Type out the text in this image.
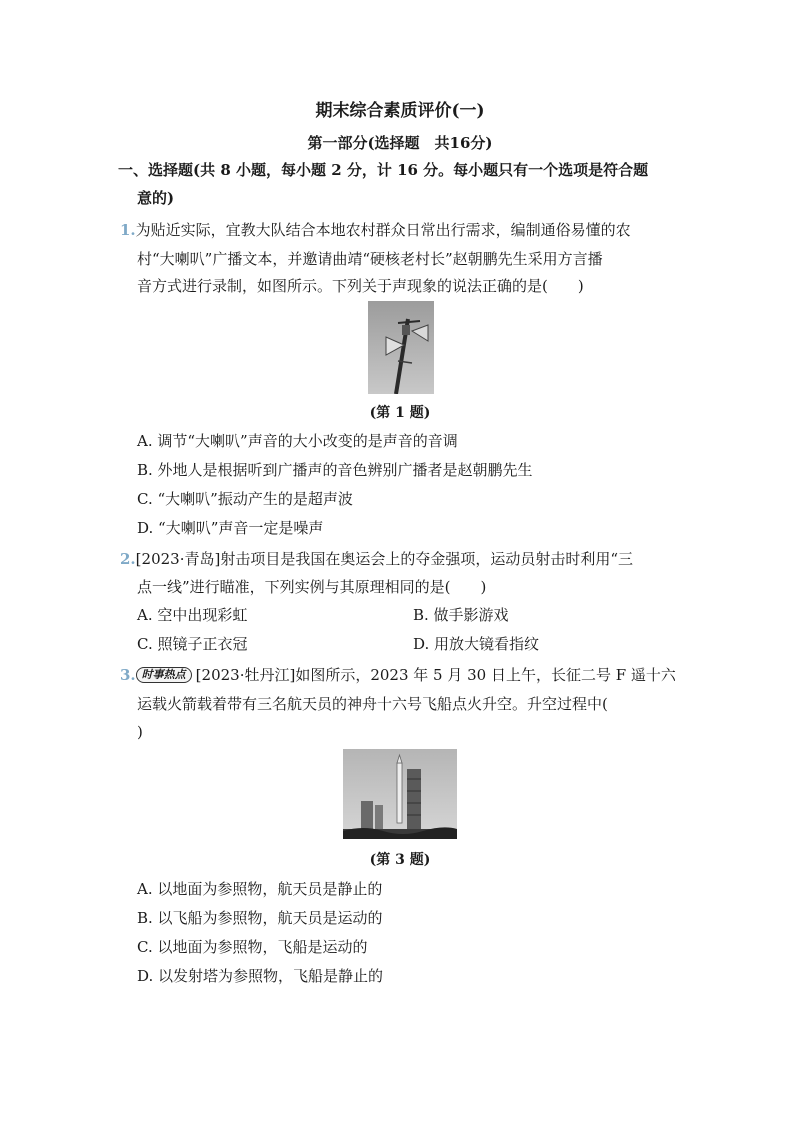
期末综合素质评价(一)
第一部分(选择题　共16分)
一、选择题(共 8 小题，每小题 2 分，计 16 分。每小题只有一个选项是符合题
意的)
1.为贴近实际，宜教大队结合本地农村群众日常出行需求，编制通俗易懂的农
村“大喇叭”广播文本，并邀请曲靖“硬核老村长”赵朝鹏先生采用方言播
音方式进行录制，如图所示。下列关于声现象的说法正确的是(　　)
(第 1 题)
A. 调节“大喇叭”声音的大小改变的是声音的音调
B. 外地人是根据听到广播声的音色辨别广播者是赵朝鹏先生
C. “大喇叭”振动产生的是超声波
D. “大喇叭”声音一定是噪声
2.[2023·青岛]射击项目是我国在奥运会上的夺金强项，运动员射击时利用“三
点一线”进行瞄准，下列实例与其原理相同的是(　　)
A. 空中出现彩虹	B. 做手影游戏
C. 照镜子正衣冠	D. 用放大镜看指纹
3. 时事热点 [2023·牡丹江]如图所示，2023 年 5 月 30 日上午，长征二号 F 遥十六
运载火箭载着带有三名航天员的神舟十六号飞船点火升空。升空过程中(
)
(第 3 题)
A. 以地面为参照物，航天员是静止的
B. 以飞船为参照物，航天员是运动的
C. 以地面为参照物，飞船是运动的
D. 以发射塔为参照物，飞船是静止的
